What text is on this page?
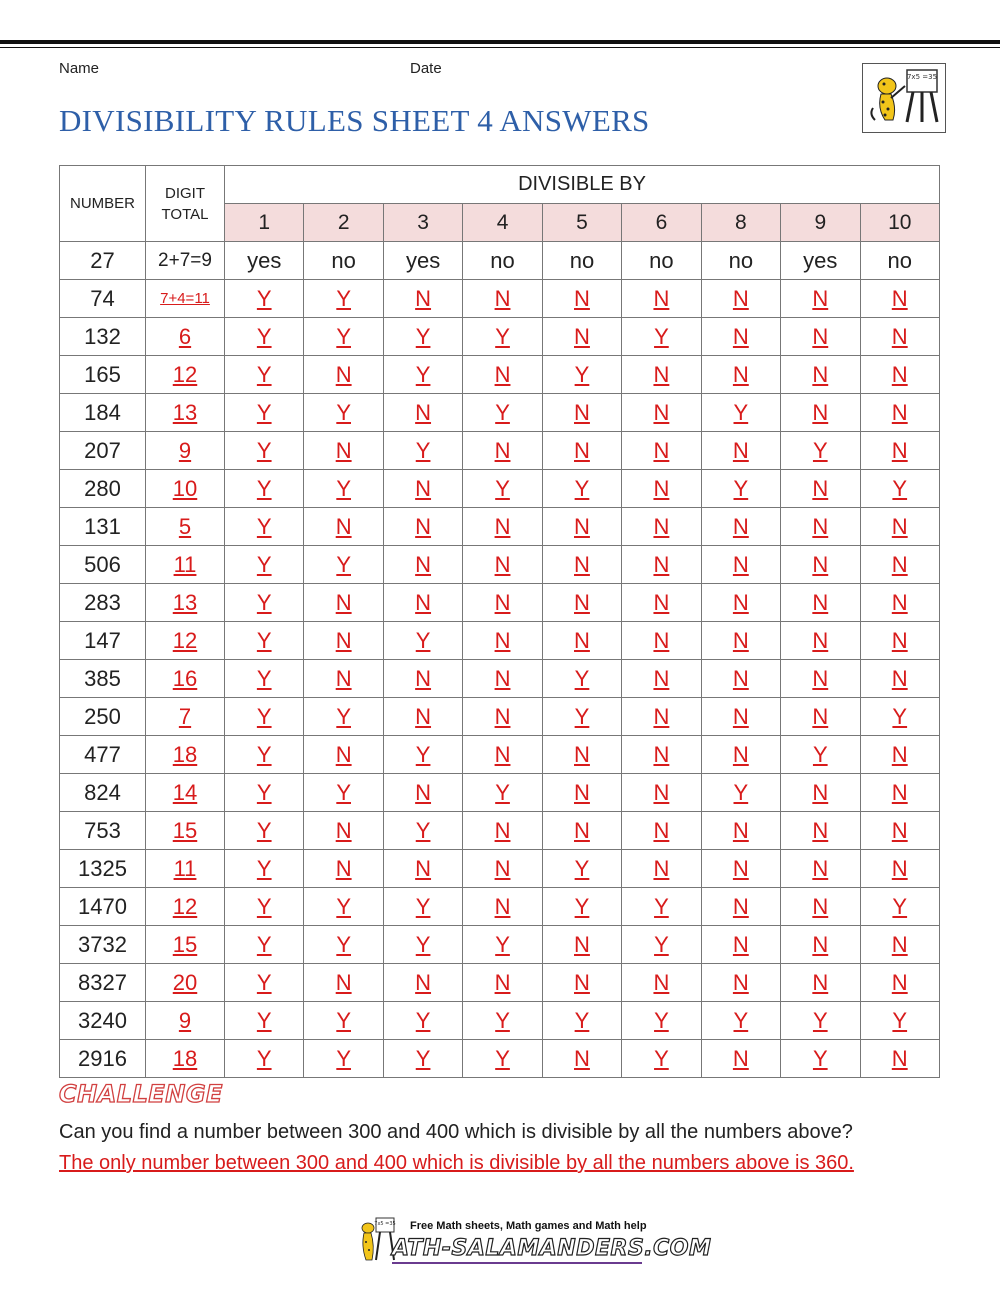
Name	Date
DIVISIBILITY RULES SHEET 4 ANSWERS
7x5 =35
NUMBER	DIGIT
TOTAL	DIVISIBLE BY								
		1	2	3	4	5	6	8	9	10
27	2+7=9	yes	no	yes	no	no	no	no	yes	no
74	7+4=11	Y	Y	N	N	N	N	N	N	N
132	6	Y	Y	Y	Y	N	Y	N	N	N
165	12	Y	N	Y	N	Y	N	N	N	N
184	13	Y	Y	N	Y	N	N	Y	N	N
207	9	Y	N	Y	N	N	N	N	Y	N
280	10	Y	Y	N	Y	Y	N	Y	N	Y
131	5	Y	N	N	N	N	N	N	N	N
506	11	Y	Y	N	N	N	N	N	N	N
283	13	Y	N	N	N	N	N	N	N	N
147	12	Y	N	Y	N	N	N	N	N	N
385	16	Y	N	N	N	Y	N	N	N	N
250	7	Y	Y	N	N	Y	N	N	N	Y
477	18	Y	N	Y	N	N	N	N	Y	N
824	14	Y	Y	N	Y	N	N	Y	N	N
753	15	Y	N	Y	N	N	N	N	N	N
1325	11	Y	N	N	N	Y	N	N	N	N
1470	12	Y	Y	Y	N	Y	Y	N	N	Y
3732	15	Y	Y	Y	Y	N	Y	N	N	N
8327	20	Y	N	N	N	N	N	N	N	N
3240	9	Y	Y	Y	Y	Y	Y	Y	Y	Y
2916	18	Y	Y	Y	Y	N	Y	N	Y	N
CHALLENGE
Can you find a number between 300 and 400 which is divisible by all the numbers above?
The only number between 300 and 400 which is divisible by all the numbers above is 360.
7x5 =35 Free Math sheets, Math games and Math help
ATH-SALAMANDERS.COM
